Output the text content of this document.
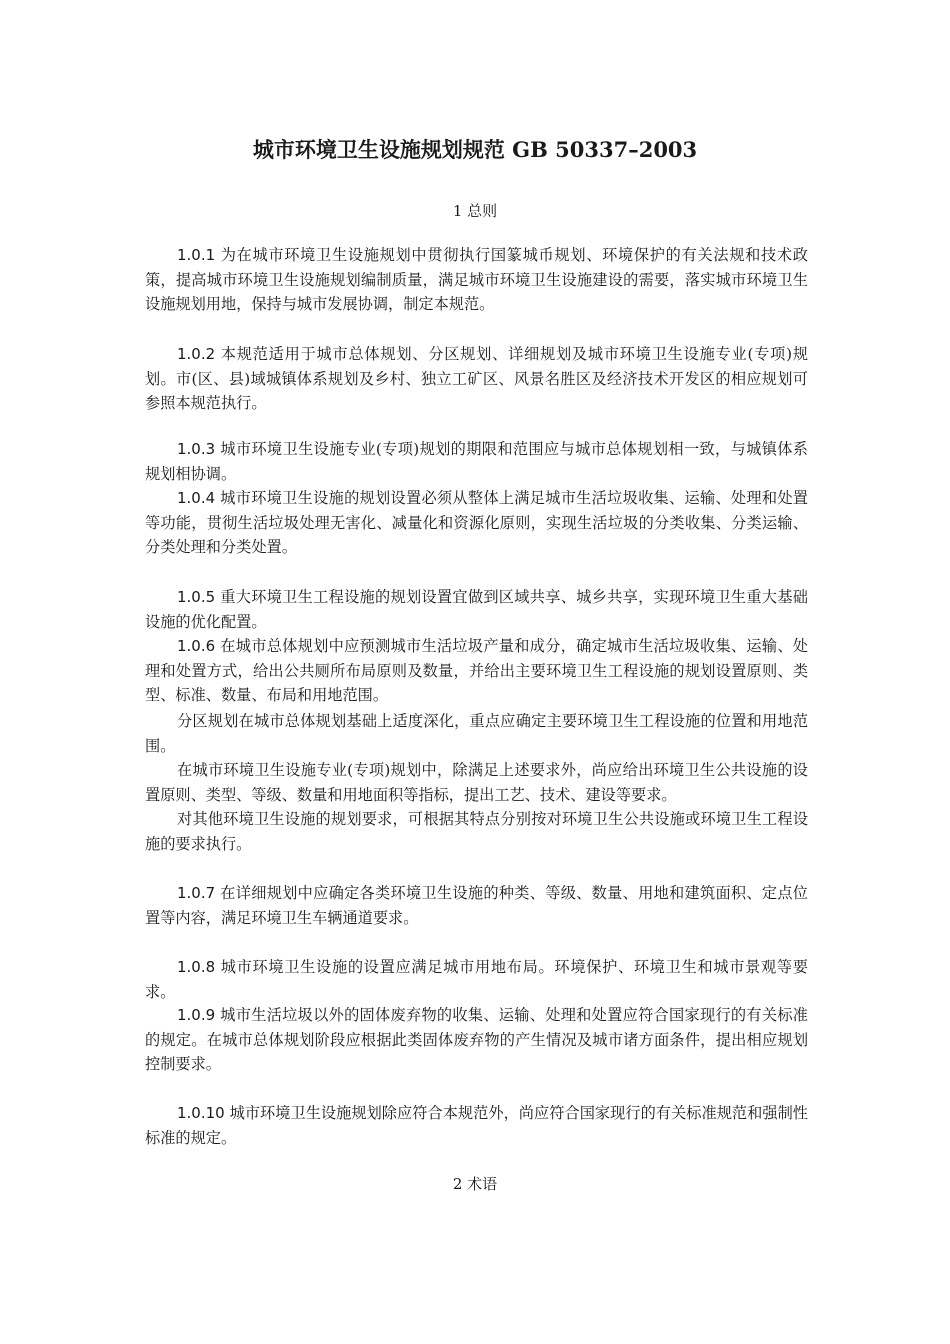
城市环境卫生设施规划规范 GB 50337–2003
1 总则

1.0.1 为在城市环境卫生设施规划中贯彻执行国篆城币规划、环境保护的有关法规和技术政策，提高城市环境卫生设施规划编制质量，满足城市环境卫生设施建设的需要，落实城市环境卫生设施规划用地，保持与城市发展协调，制定本规范。

1.0.2 本规范适用于城市总体规划、分区规划、详细规划及城市环境卫生设施专业(专项)规划。市(区、县)域城镇体系规划及乡村、独立工矿区、风景名胜区及经济技术开发区的相应规划可参照本规范执行。

1.0.3 城市环境卫生设施专业(专项)规划的期限和范围应与城市总体规划相一致，与城镇体系规划相协调。

1.0.4 城市环境卫生设施的规划设置必须从整体上满足城市生活垃圾收集、运输、处理和处置等功能，贯彻生活垃圾处理无害化、减量化和资源化原则，实现生活垃圾的分类收集、分类运输、分类处理和分类处置。

1.0.5 重大环境卫生工程设施的规划设置宜做到区域共享、城乡共享，实现环境卫生重大基础设施的优化配置。

1.0.6 在城市总体规划中应预测城市生活垃圾产量和成分，确定城市生活垃圾收集、运输、处理和处置方式，给出公共厕所布局原则及数量，并给出主要环境卫生工程设施的规划设置原则、类型、标准、数量、布局和用地范围。

分区规划在城市总体规划基础上适度深化，重点应确定主要环境卫生工程设施的位置和用地范围。

在城市环境卫生设施专业(专项)规划中，除满足上述要求外，尚应给出环境卫生公共设施的设置原则、类型、等级、数量和用地面积等指标，提出工艺、技术、建设等要求。

对其他环境卫生设施的规划要求，可根据其特点分别按对环境卫生公共设施或环境卫生工程设施的要求执行。

1.0.7 在详细规划中应确定各类环境卫生设施的种类、等级、数量、用地和建筑面积、定点位置等内容，满足环境卫生车辆通道要求。

1.0.8 城市环境卫生设施的设置应满足城市用地布局。环境保护、环境卫生和城市景观等要求。

1.0.9 城市生活垃圾以外的固体废弃物的收集、运输、处理和处置应符合国家现行的有关标准的规定。在城市总体规划阶段应根据此类固体废弃物的产生情况及城市诸方面条件，提出相应规划控制要求。

1.0.10 城市环境卫生设施规划除应符合本规范外，尚应符合国家现行的有关标准规范和强制性标准的规定。

2 术语
